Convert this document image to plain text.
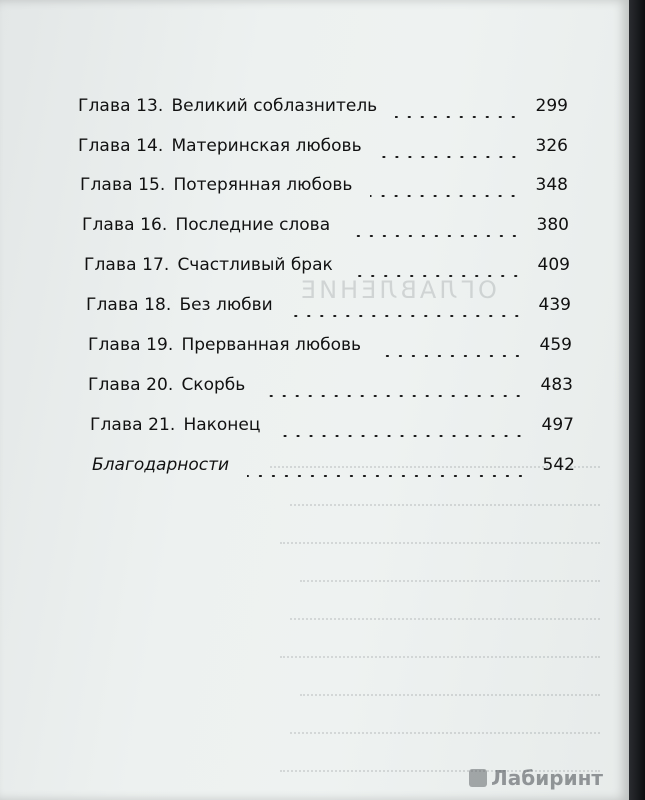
ОГЛАВЛЕНИЕ
Глава 13. Великий соблазнитель	299
Глава 14. Материнская любовь	326
Глава 15. Потерянная любовь	348
Глава 16. Последние слова	380
Глава 17. Счастливый брак	409
Глава 18. Без любви	439
Глава 19. Прерванная любовь	459
Глава 20. Скорбь	483
Глава 21. Наконец	497
Благодарности	542
Лабиринт
